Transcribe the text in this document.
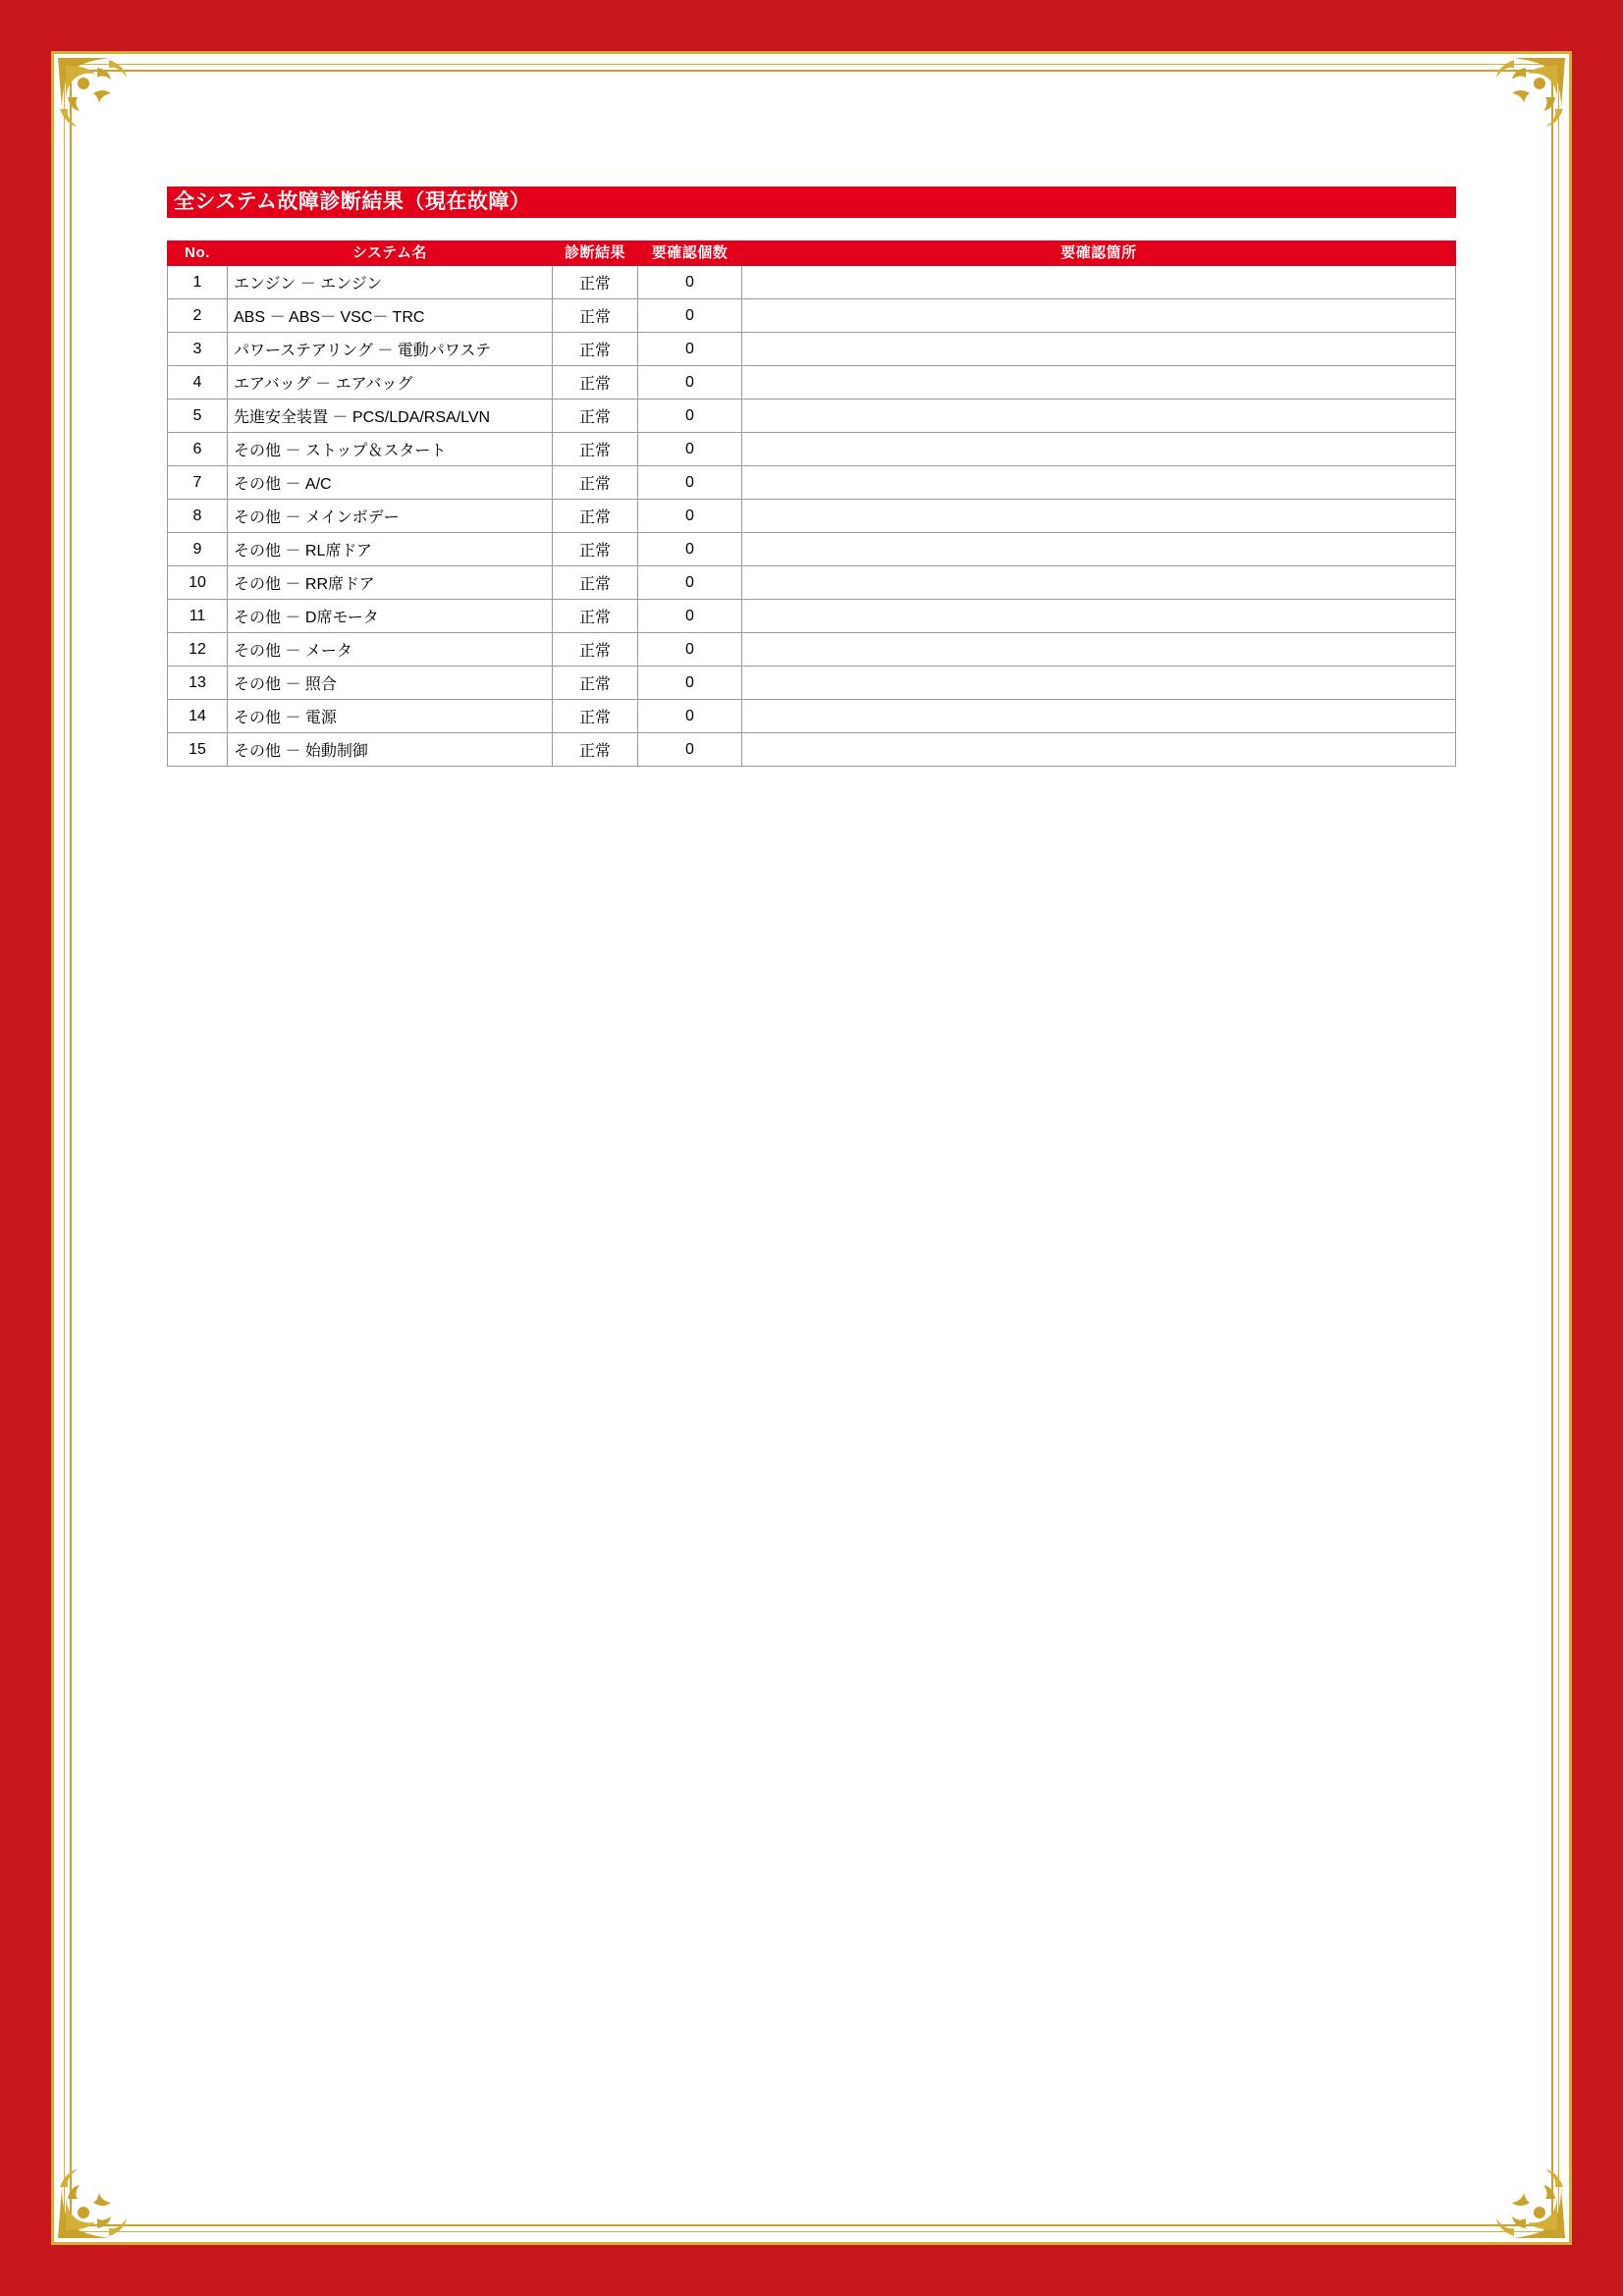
全システム故障診断結果（現在故障）
No.	システム名	診断結果	要確認個数	要確認箇所
1	エンジン － エンジン	正常	0	
2	ABS － ABS－ VSC－ TRC	正常	0	
3	パワーステアリング － 電動パワステ	正常	0	
4	エアバッグ － エアバッグ	正常	0	
5	先進安全装置 － PCS/LDA/RSA/LVN	正常	0	
6	その他 － ストップ＆スタート	正常	0	
7	その他 － A/C	正常	0	
8	その他 － メインボデー	正常	0	
9	その他 － RL席ドア	正常	0	
10	その他 － RR席ドア	正常	0	
11	その他 － D席モータ	正常	0	
12	その他 － メータ	正常	0	
13	その他 － 照合	正常	0	
14	その他 － 電源	正常	0	
15	その他 － 始動制御	正常	0	
